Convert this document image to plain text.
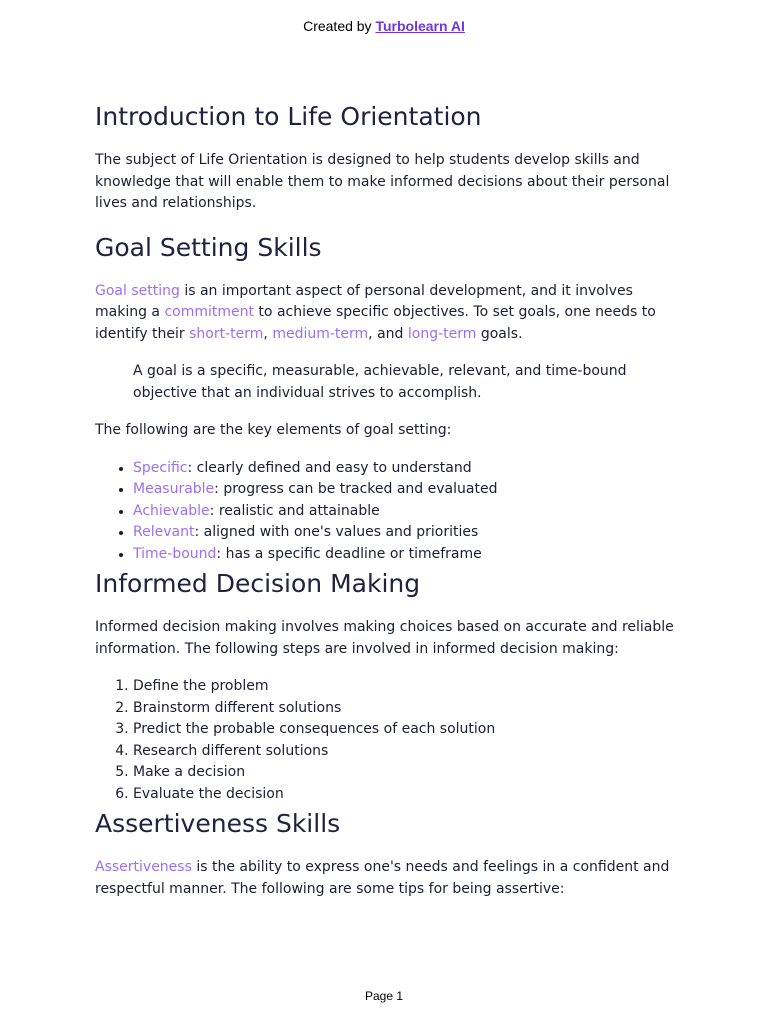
Created by Turbolearn AI
Introduction to Life Orientation

The subject of Life Orientation is designed to help students develop skills and knowledge that will enable them to make informed decisions about their personal lives and relationships.

Goal Setting Skills

Goal setting is an important aspect of personal development, and it involves making a commitment to achieve specific objectives. To set goals, one needs to identify their short-term, medium-term, and long-term goals.

A goal is a specific, measurable, achievable, relevant, and time-bound objective that an individual strives to accomplish.

The following are the key elements of goal setting:

• Specific: clearly defined and easy to understand
• Measurable: progress can be tracked and evaluated
• Achievable: realistic and attainable
• Relevant: aligned with one's values and priorities
• Time-bound: has a specific deadline or timeframe
Informed Decision Making

Informed decision making involves making choices based on accurate and reliable information. The following steps are involved in informed decision making:

1. Define the problem
2. Brainstorm different solutions
3. Predict the probable consequences of each solution
4. Research different solutions
5. Make a decision
6. Evaluate the decision
Assertiveness Skills

Assertiveness is the ability to express one's needs and feelings in a confident and respectful manner. The following are some tips for being assertive:

Page 1
